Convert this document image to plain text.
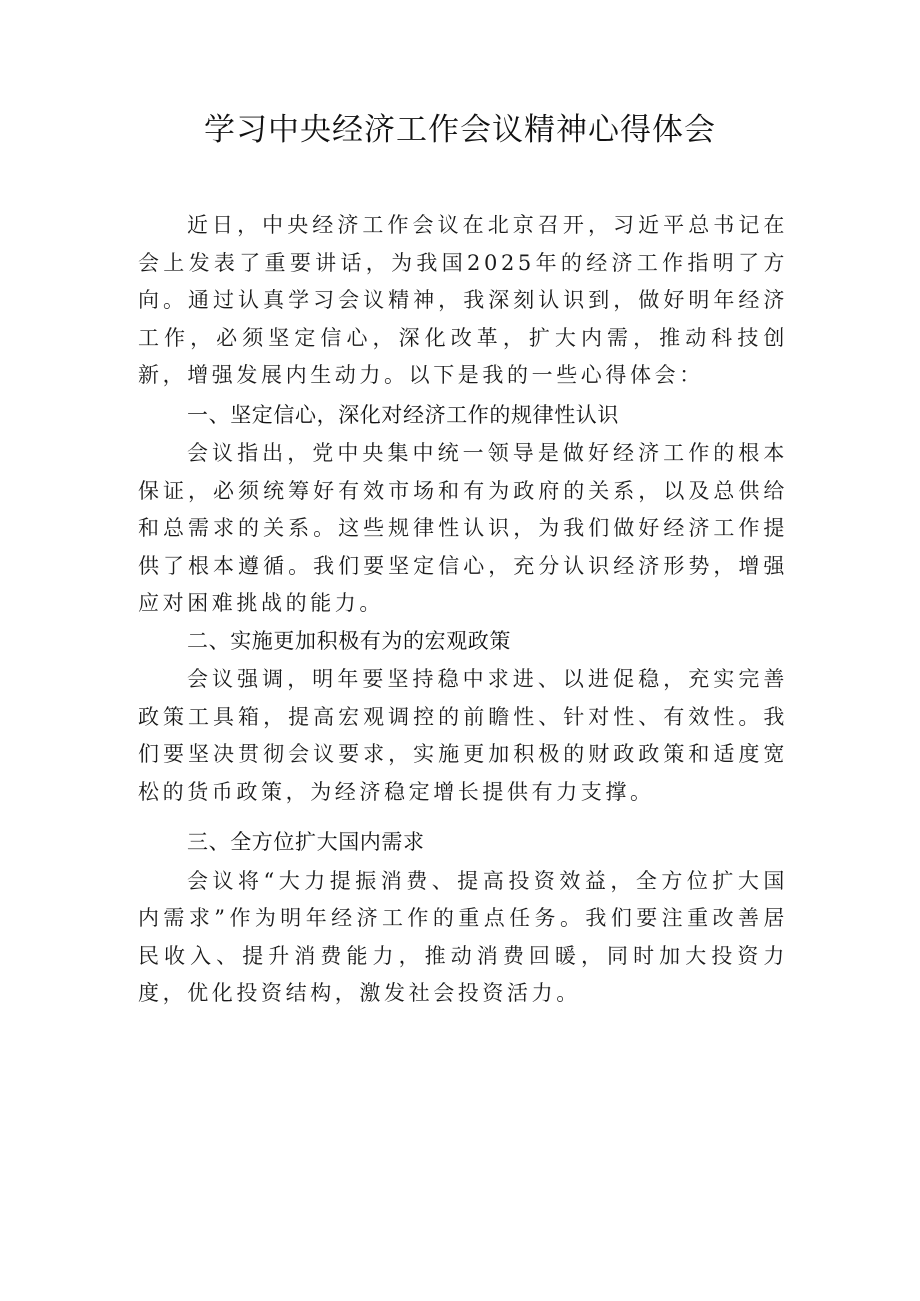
学习中央经济工作会议精神心得体会

近日，中央经济工作会议在北京召开，习近平总书记在会上发表了重要讲话，为我国2025年的经济工作指明了方向。通过认真学习会议精神，我深刻认识到，做好明年经济工作，必须坚定信心，深化改革，扩大内需，推动科技创新，增强发展内生动力。以下是我的一些心得体会：

一、坚定信心，深化对经济工作的规律性认识

会议指出，党中央集中统一领导是做好经济工作的根本保证，必须统筹好有效市场和有为政府的关系，以及总供给和总需求的关系。这些规律性认识，为我们做好经济工作提供了根本遵循。我们要坚定信心，充分认识经济形势，增强应对困难挑战的能力。

二、实施更加积极有为的宏观政策

会议强调，明年要坚持稳中求进、以进促稳，充实完善政策工具箱，提高宏观调控的前瞻性、针对性、有效性。我们要坚决贯彻会议要求，实施更加积极的财政政策和适度宽松的货币政策，为经济稳定增长提供有力支撑。

三、全方位扩大国内需求

会议将“大力提振消费、提高投资效益，全方位扩大国内需求”作为明年经济工作的重点任务。我们要注重改善居民收入、提升消费能力，推动消费回暖，同时加大投资力度，优化投资结构，激发社会投资活力。
